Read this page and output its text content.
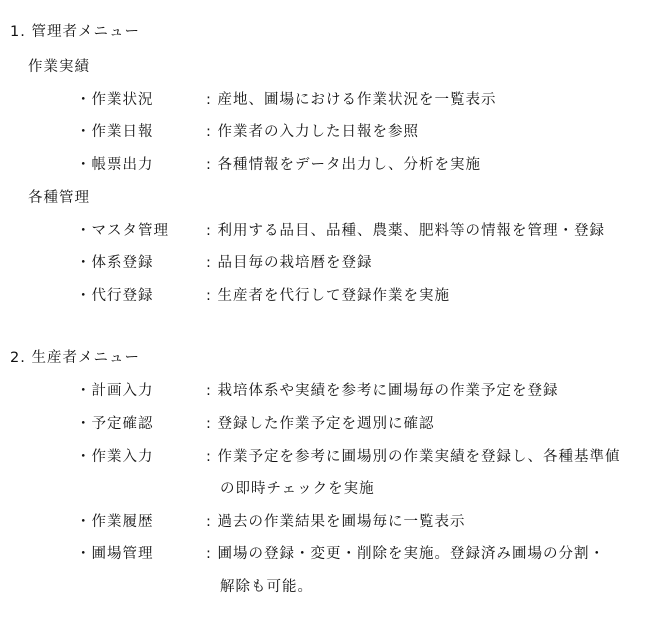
1. 管理者メニュー
作業実績
・作業状況	: 産地、圃場における作業状況を一覧表示
・作業日報	: 作業者の入力した日報を参照
・帳票出力	: 各種情報をデータ出力し、分析を実施
各種管理
・マスタ管理	: 利用する品目、品種、農薬、肥料等の情報を管理・登録
・体系登録	: 品目毎の栽培暦を登録
・代行登録	: 生産者を代行して登録作業を実施
2. 生産者メニュー
・計画入力	: 栽培体系や実績を参考に圃場毎の作業予定を登録
・予定確認	: 登録した作業予定を週別に確認
・作業入力	: 作業予定を参考に圃場別の作業実績を登録し、各種基準値
の即時チェックを実施
・作業履歴	: 過去の作業結果を圃場毎に一覧表示
・圃場管理	: 圃場の登録・変更・削除を実施。登録済み圃場の分割・
解除も可能。
